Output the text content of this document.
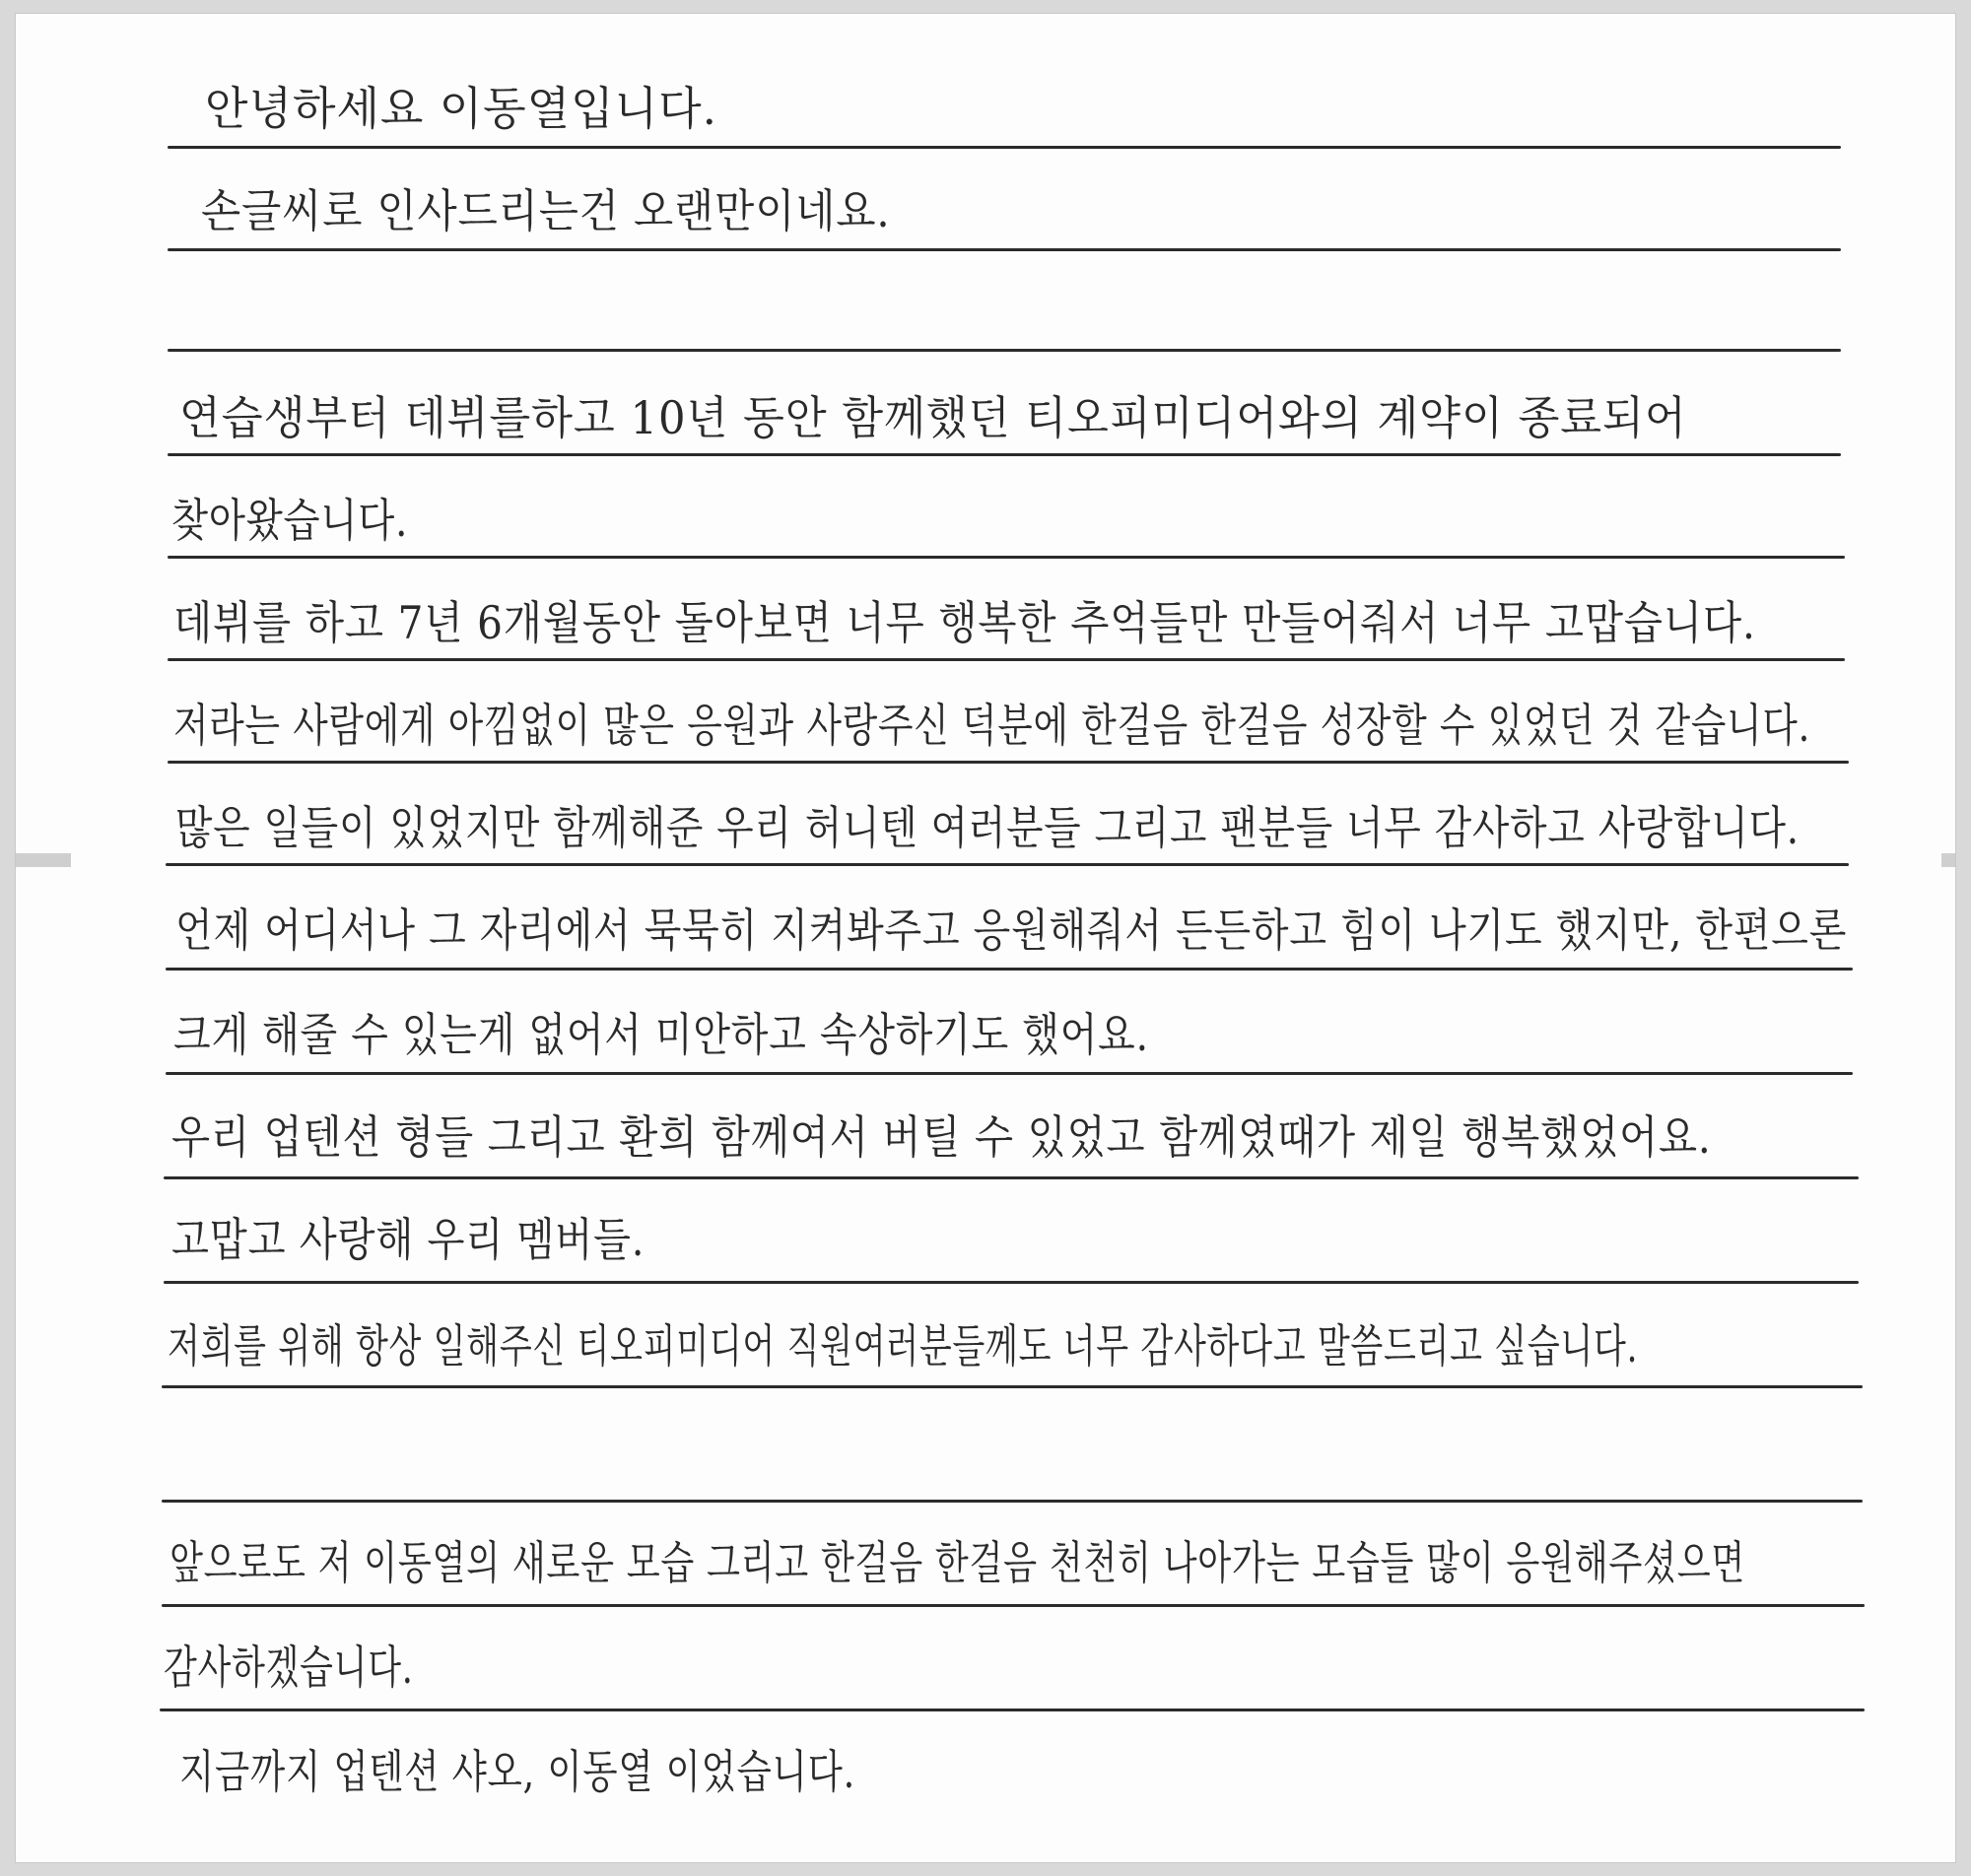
안녕하세요 이동열입니다.
손글씨로 인사드리는건 오랜만이네요.
연습생부터 데뷔를하고 10년 동안 함께했던 티오피미디어와의 계약이 종료되어
찾아왔습니다.
데뷔를 하고 7년 6개월동안 돌아보면 너무 행복한 추억들만 만들어줘서 너무 고맙습니다.
저라는 사람에게 아낌없이 많은 응원과 사랑주신 덕분에 한걸음 한걸음 성장할 수 있었던 것 같습니다.
많은 일들이 있었지만 함께해준 우리 허니텐 여러분들 그리고 팬분들 너무 감사하고 사랑합니다.
언제 어디서나 그 자리에서 묵묵히 지켜봐주고 응원해줘서 든든하고 힘이 나기도 했지만, 한편으론
크게 해줄 수 있는게 없어서 미안하고 속상하기도 했어요.
우리 업텐션 형들 그리고 환희 함께여서 버틸 수 있었고 함께였때가 제일 행복했었어요.
고맙고 사랑해 우리 멤버들.
저희를 위해 항상 일해주신 티오피미디어 직원여러분들께도 너무 감사하다고 말씀드리고 싶습니다.
앞으로도 저 이동열의 새로운 모습 그리고 한걸음 한걸음 천천히 나아가는 모습들 많이 응원해주셨으면
감사하겠습니다.
지금까지 업텐션 샤오, 이동열 이었습니다.
